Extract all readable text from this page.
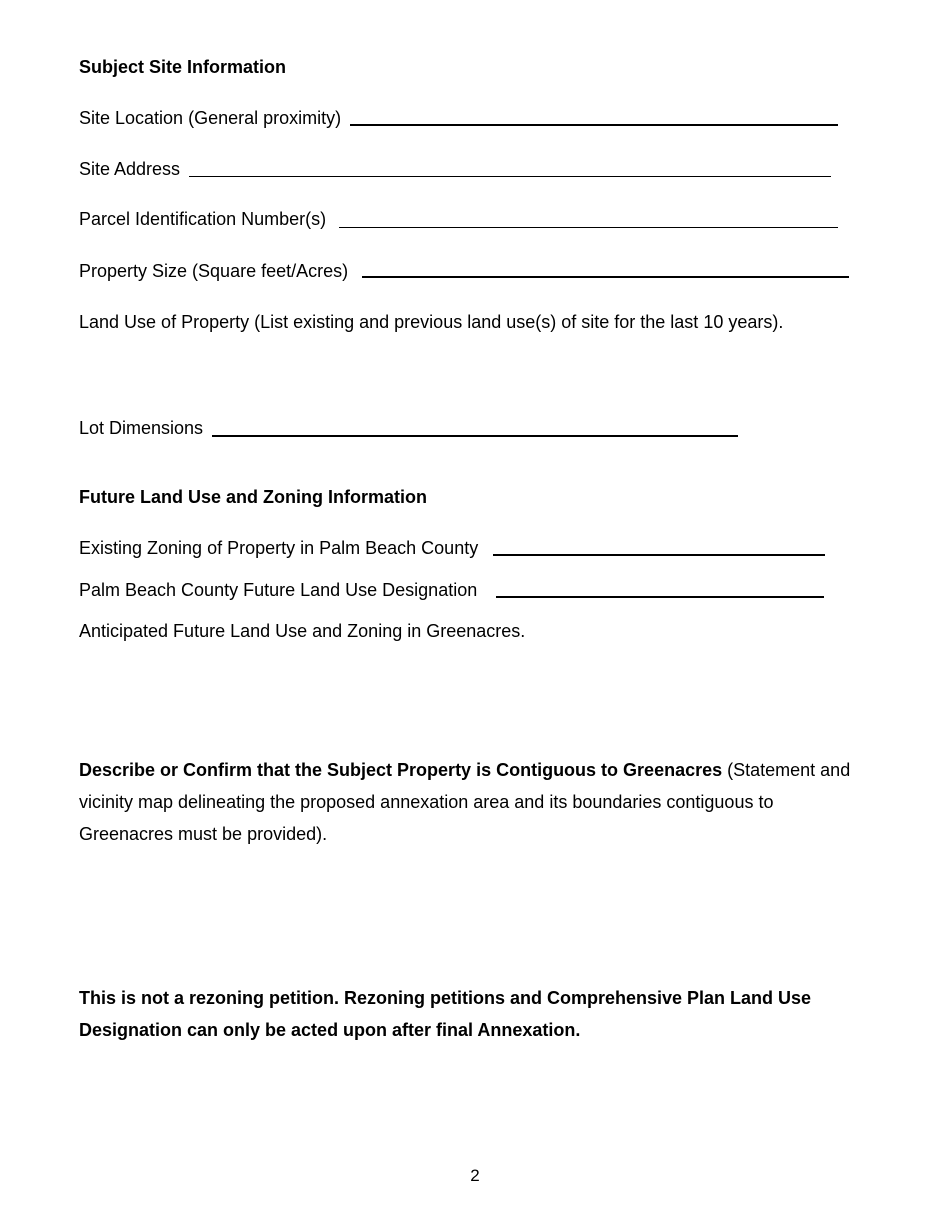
Subject Site Information
Site Location (General proximity)
Site Address
Parcel Identification Number(s)
Property Size (Square feet/Acres)
Land Use of Property (List existing and previous land use(s) of site for the last 10 years).
Lot Dimensions
Future Land Use and Zoning Information
Existing Zoning of Property in Palm Beach County
Palm Beach County Future Land Use Designation
Anticipated Future Land Use and Zoning in Greenacres.
Describe or Confirm that the Subject Property is Contiguous to Greenacres (Statement and vicinity map delineating the proposed annexation area and its boundaries contiguous to Greenacres must be provided).
This is not a rezoning petition. Rezoning petitions and Comprehensive Plan Land Use Designation can only be acted upon after final Annexation.
2
